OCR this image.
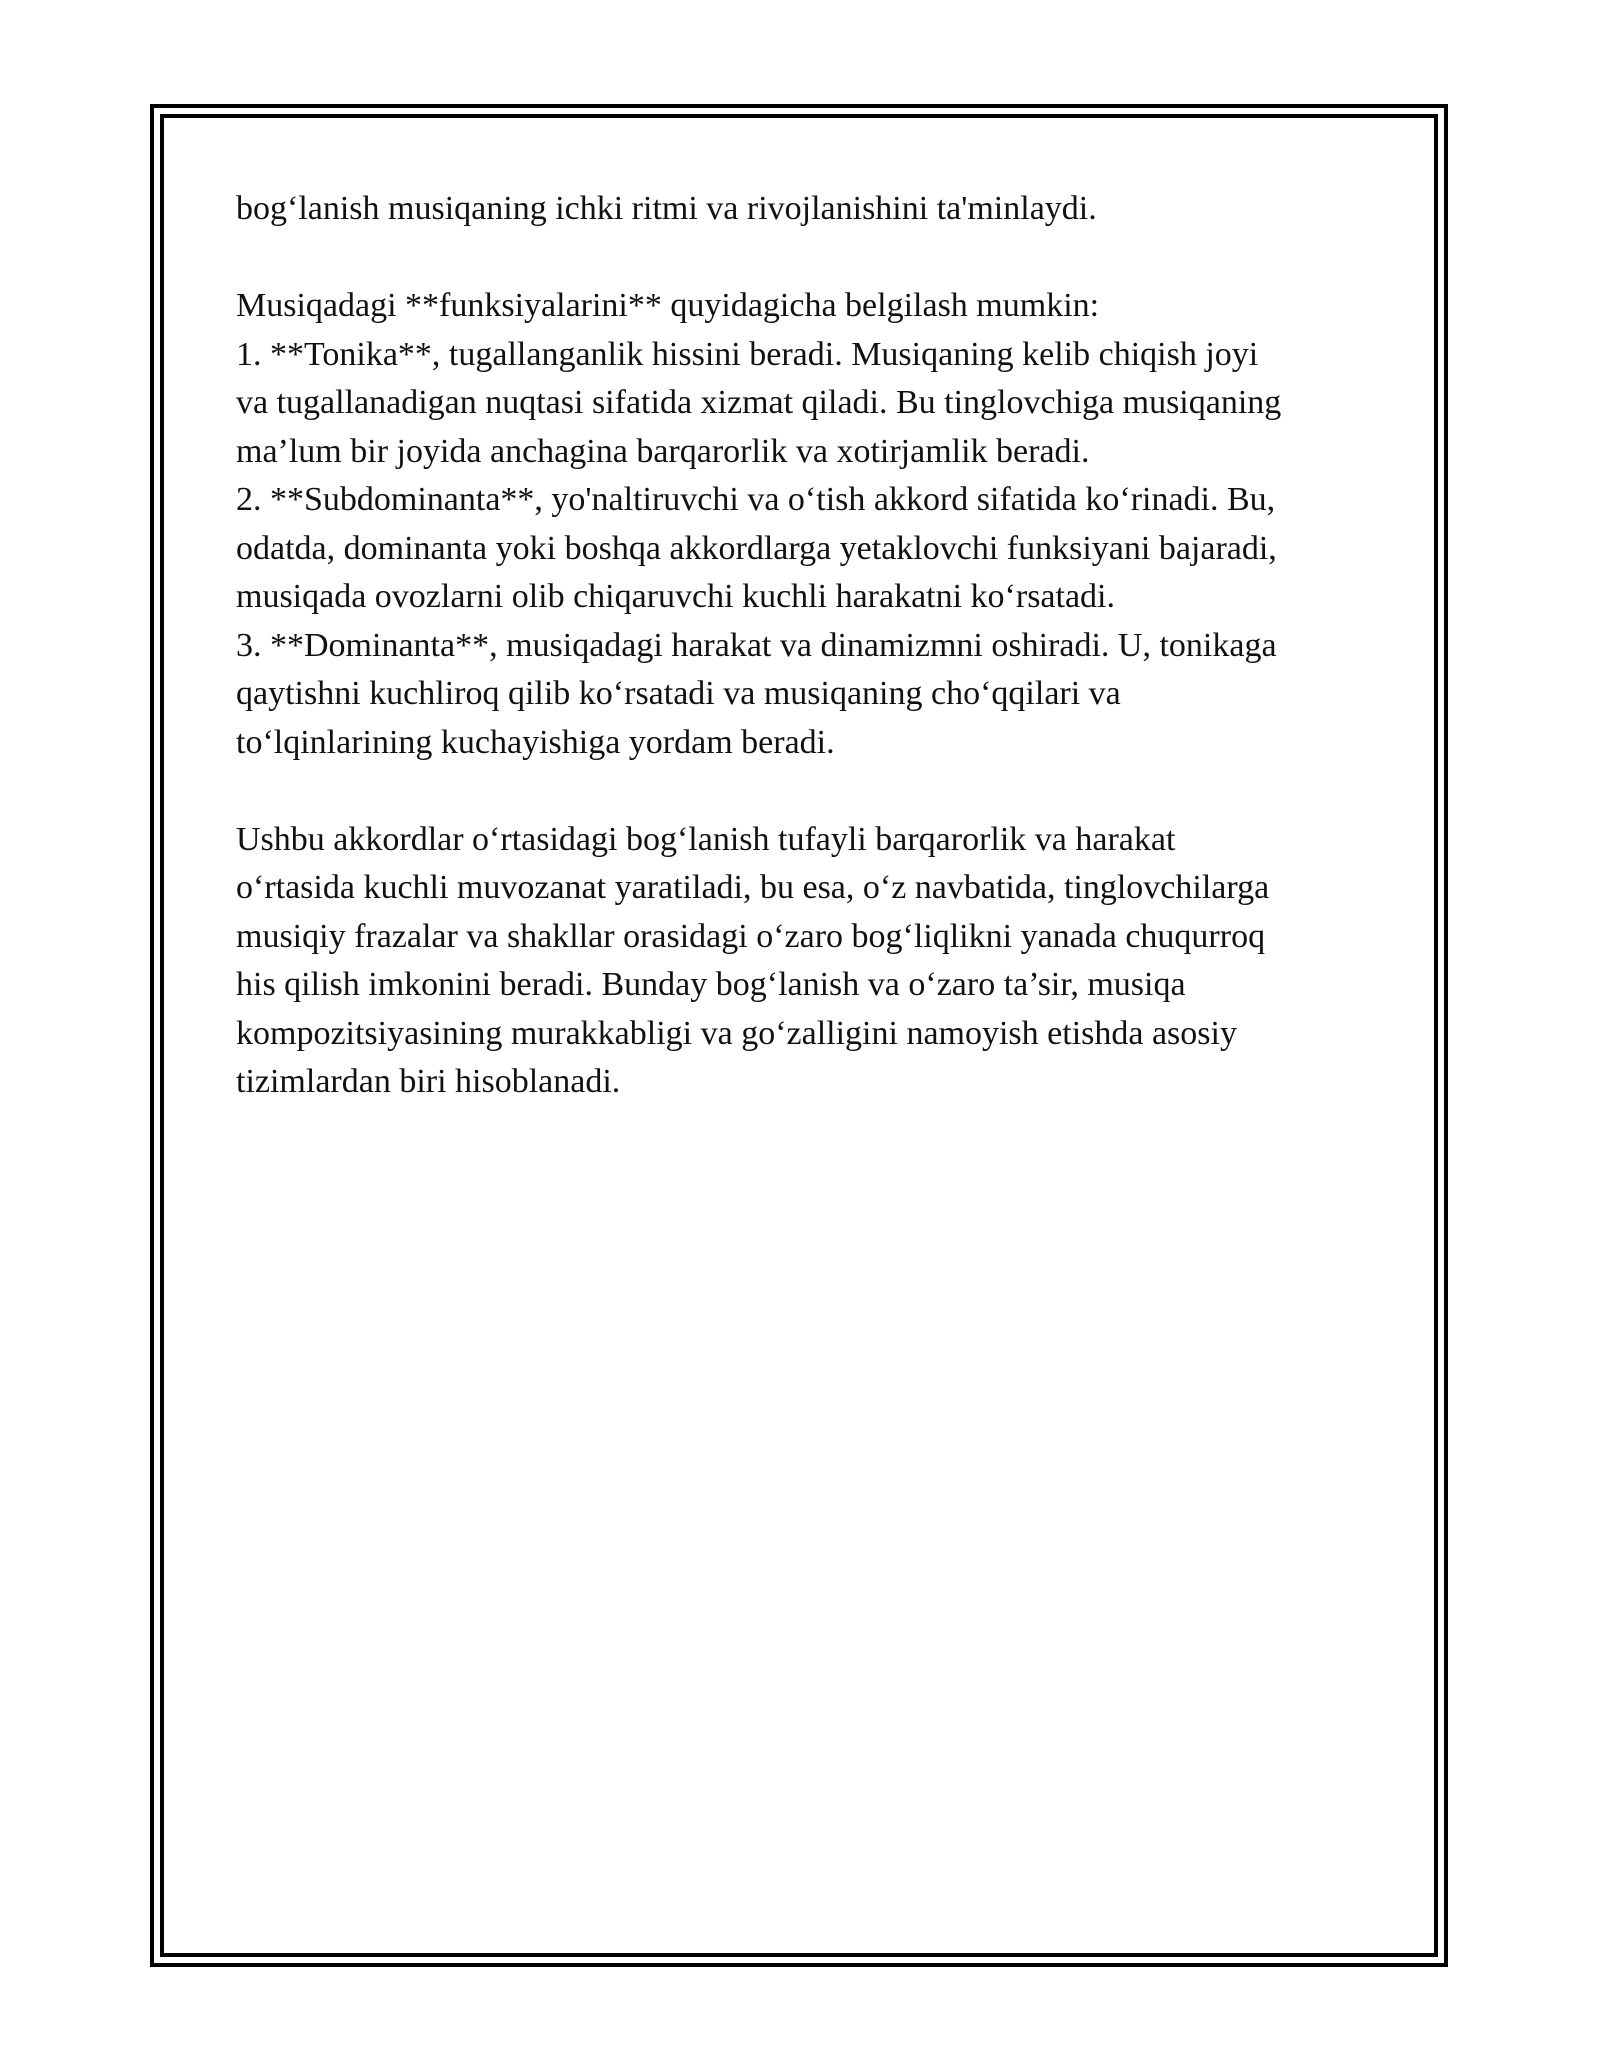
bog‘lanish musiqaning ichki ritmi va rivojlanishini ta'minlaydi.

Musiqadagi **funksiyalarini** quyidagicha belgilash mumkin:

1. **Tonika**, tugallanganlik hissini beradi. Musiqaning kelib chiqish joyi

va tugallanadigan nuqtasi sifatida xizmat qiladi. Bu tinglovchiga musiqaning

ma’lum bir joyida anchagina barqarorlik va xotirjamlik beradi.

2. **Subdominanta**, yo'naltiruvchi va o‘tish akkord sifatida ko‘rinadi. Bu,

odatda, dominanta yoki boshqa akkordlarga yetaklovchi funksiyani bajaradi,

musiqada ovozlarni olib chiqaruvchi kuchli harakatni ko‘rsatadi.

3. **Dominanta**, musiqadagi harakat va dinamizmni oshiradi. U, tonikaga

qaytishni kuchliroq qilib ko‘rsatadi va musiqaning cho‘qqilari va

to‘lqinlarining kuchayishiga yordam beradi.

Ushbu akkordlar o‘rtasidagi bog‘lanish tufayli barqarorlik va harakat

o‘rtasida kuchli muvozanat yaratiladi, bu esa, o‘z navbatida, tinglovchilarga

musiqiy frazalar va shakllar orasidagi o‘zaro bog‘liqlikni yanada chuqurroq

his qilish imkonini beradi. Bunday bog‘lanish va o‘zaro ta’sir, musiqa

kompozitsiyasining murakkabligi va go‘zalligini namoyish etishda asosiy

tizimlardan biri hisoblanadi.
